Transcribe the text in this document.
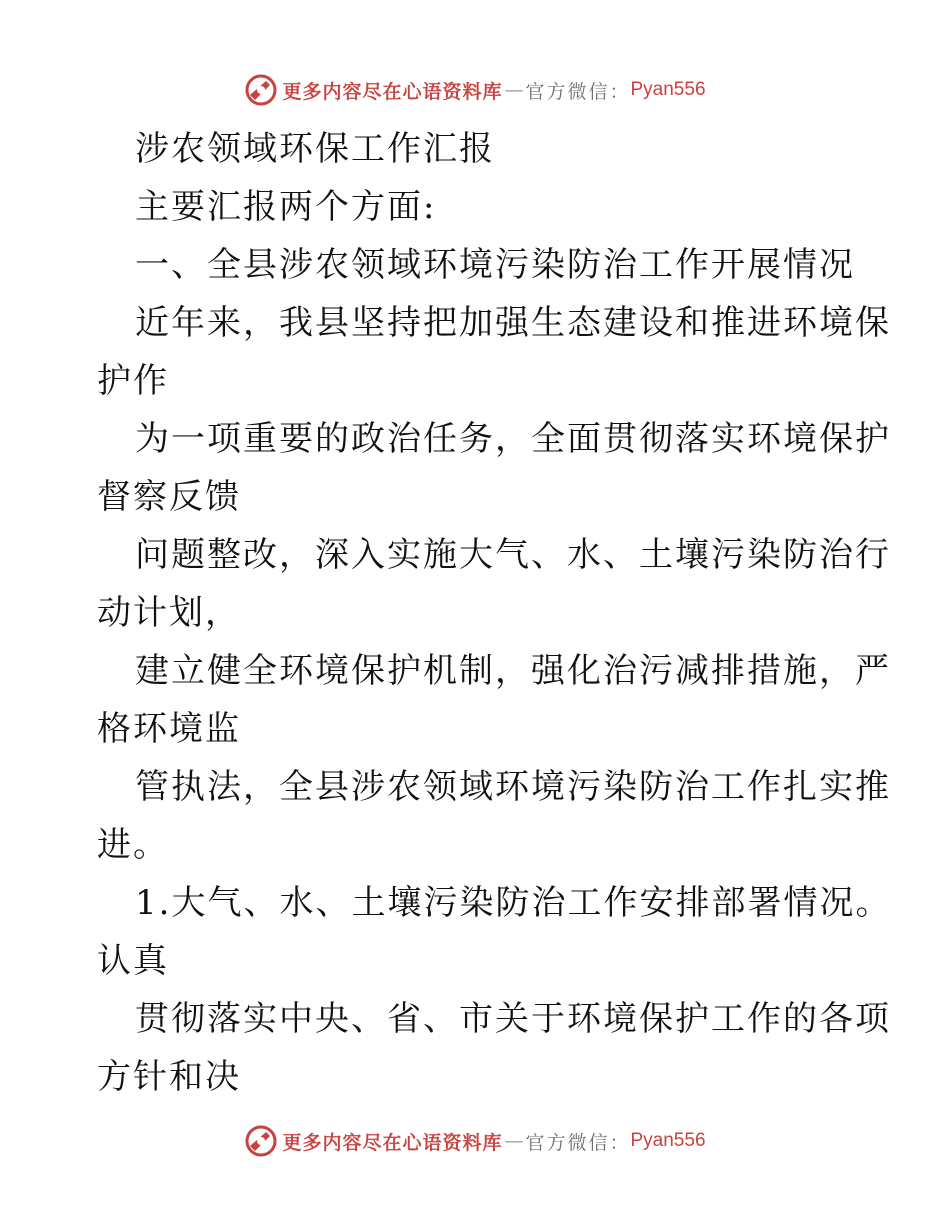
更多内容尽在心语资料库 — 官方微信： Pyan556
涉农领域环保工作汇报
主要汇报两个方面:
一、全县涉农领域环境污染防治工作开展情况
近年来，我县坚持把加强生态建设和推进环境保
护作
为一项重要的政治任务，全面贯彻落实环境保护
督察反馈
问题整改，深入实施大气、水、土壤污染防治行
动计划，
建立健全环境保护机制，强化治污减排措施，严
格环境监
管执法，全县涉农领域环境污染防治工作扎实推
进。
1.大气、水、土壤污染防治工作安排部署情况。
认真
贯彻落实中央、省、市关于环境保护工作的各项
方针和决
更多内容尽在心语资料库 — 官方微信： Pyan556
